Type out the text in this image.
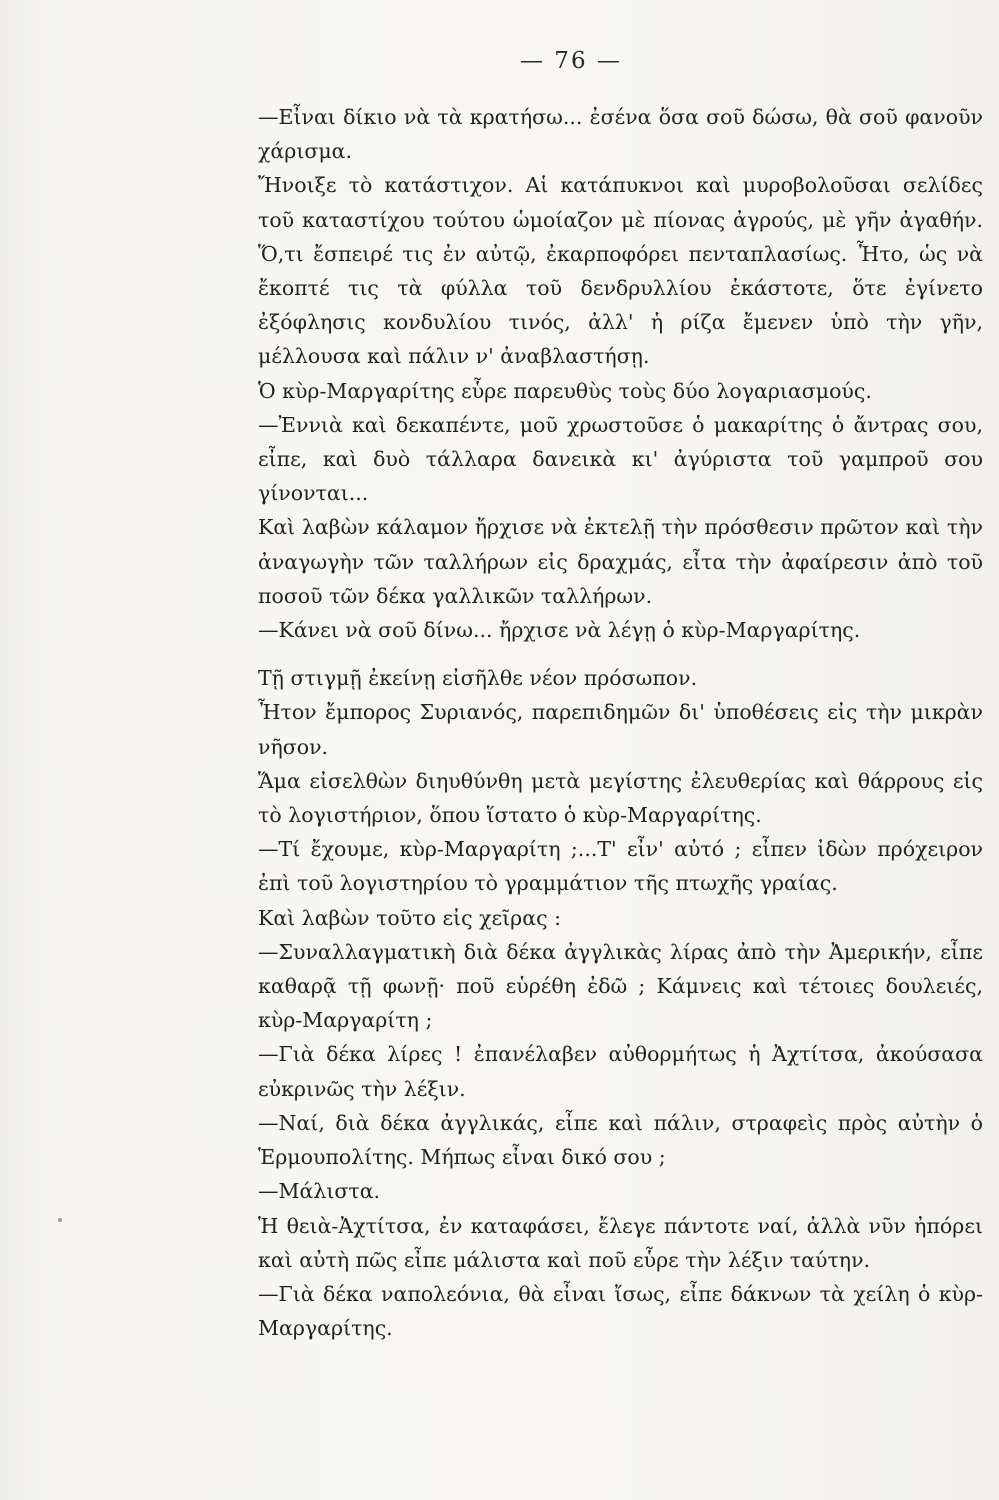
— 76 —

—Εἶναι δίκιο νὰ τὰ κρατήσω... ἐσένα ὅσα σοῦ δώσω, θὰ σοῦ φανοῦν χάρισμα.

Ἤνοιξε τὸ κατάστιχον. Αἱ κατάπυκνοι καὶ μυροβολοῦσαι σελίδες τοῦ καταστίχου τούτου ὡμοίαζον μὲ πίονας ἀγρούς, μὲ γῆν ἀγαθήν. Ὅ,τι ἔσπειρέ τις ἐν αὐτῷ, ἐκαρποφόρει πενταπλασίως. Ἦτο, ὡς νὰ ἔκοπτέ τις τὰ φύλλα τοῦ δενδρυλλίου ἑκάστοτε, ὅτε ἐγίνετο ἐξόφλησις κονδυλίου τινός, ἀλλ' ἡ ρίζα ἔμενεν ὑπὸ τὴν γῆν, μέλλουσα καὶ πάλιν ν' ἀναβλαστήσῃ.

Ὁ κὺρ-Μαργαρίτης εὗρε παρευθὺς τοὺς δύο λογαριασμούς.

—Ἐννιὰ καὶ δεκαπέντε, μοῦ χρωστοῦσε ὁ μακαρίτης ὁ ἄντρας σου, εἶπε, καὶ δυὸ τάλλαρα δανεικὰ κι' ἀγύριστα τοῦ γαμπροῦ σου γίνονται...

Καὶ λαβὼν κάλαμον ἤρχισε νὰ ἐκτελῇ τὴν πρόσθεσιν πρῶτον καὶ τὴν ἀναγωγὴν τῶν ταλλήρων εἰς δραχμάς, εἶτα τὴν ἀφαίρεσιν ἀπὸ τοῦ ποσοῦ τῶν δέκα γαλλικῶν ταλλήρων.

—Κάνει νὰ σοῦ δίνω... ἤρχισε νὰ λέγῃ ὁ κὺρ-Μαργαρίτης.

Τῇ στιγμῇ ἐκείνῃ εἰσῆλθε νέον πρόσωπον.

Ἦτον ἔμπορος Συριανός, παρεπιδημῶν δι' ὑποθέσεις εἰς τὴν μικρὰν νῆσον.

Ἅμα εἰσελθὼν διηυθύνθη μετὰ μεγίστης ἐλευθερίας καὶ θάρρους εἰς τὸ λογιστήριον, ὅπου ἵστατο ὁ κὺρ-Μαργαρίτης.

—Τί ἔχουμε, κὺρ-Μαργαρίτη ;...Τ' εἶν' αὐτό ; εἶπεν ἰδὼν πρόχειρον ἐπὶ τοῦ λογιστηρίου τὸ γραμμάτιον τῆς πτωχῆς γραίας.

Καὶ λαβὼν τοῦτο εἰς χεῖρας :

—Συναλλαγματικὴ διὰ δέκα ἀγγλικὰς λίρας ἀπὸ τὴν Ἀμερικήν, εἶπε καθαρᾷ τῇ φωνῇ· ποῦ εὑρέθη ἐδῶ ; Κάμνεις καὶ τέτοιες δουλειές, κὺρ-Μαργαρίτη ;

—Γιὰ δέκα λίρες ! ἐπανέλαβεν αὐθορμήτως ἡ Ἀχτίτσα, ἀκούσασα εὐκρινῶς τὴν λέξιν.

—Ναί, διὰ δέκα ἀγγλικάς, εἶπε καὶ πάλιν, στραφεὶς πρὸς αὐτὴν ὁ Ἑρμουπολίτης. Μήπως εἶναι δικό σου ;

—Μάλιστα.

Ἡ θειὰ-Ἀχτίτσα, ἐν καταφάσει, ἔλεγε πάντοτε ναί, ἀλλὰ νῦν ἠπόρει καὶ αὐτὴ πῶς εἶπε μάλιστα καὶ ποῦ εὗρε τὴν λέξιν ταύτην.

—Γιὰ δέκα ναπολεόνια, θὰ εἶναι ἴσως, εἶπε δάκνων τὰ χείλη ὁ κὺρ-Μαργαρίτης.
